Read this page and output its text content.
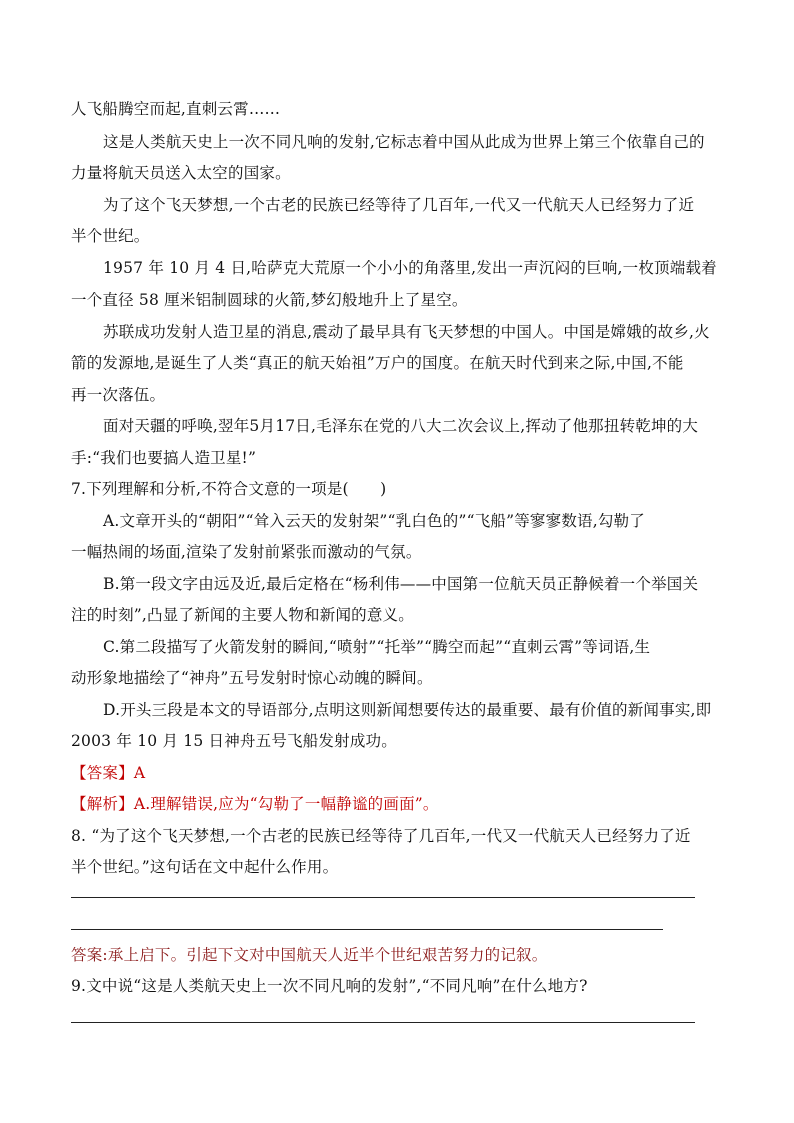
人飞船腾空而起,直刺云霄……
这是人类航天史上一次不同凡响的发射,它标志着中国从此成为世界上第三个依靠自己的
力量将航天员送入太空的国家。
为了这个飞天梦想,一个古老的民族已经等待了几百年,一代又一代航天人已经努力了近
半个世纪。
1957 年 10 月 4 日,哈萨克大荒原一个小小的角落里,发出一声沉闷的巨响,一枚顶端载着
一个直径 58 厘米铝制圆球的火箭,梦幻般地升上了星空。
苏联成功发射人造卫星的消息,震动了最早具有飞天梦想的中国人。中国是嫦娥的故乡,火
箭的发源地,是诞生了人类“真正的航天始祖”万户的国度。在航天时代到来之际,中国,不能
再一次落伍。
面对天疆的呼唤,翌年5月17日,毛泽东在党的八大二次会议上,挥动了他那扭转乾坤的大
手:“我们也要搞人造卫星!”
7.下列理解和分析,不符合文意的一项是(　　)
A.文章开头的“朝阳”“耸入云天的发射架”“乳白色的”“飞船”等寥寥数语,勾勒了
一幅热闹的场面,渲染了发射前紧张而激动的气氛。
B.第一段文字由远及近,最后定格在“杨利伟——中国第一位航天员正静候着一个举国关
注的时刻”,凸显了新闻的主要人物和新闻的意义。
C.第二段描写了火箭发射的瞬间,“喷射”“托举”“腾空而起”“直刺云霄”等词语,生
动形象地描绘了“神舟”五号发射时惊心动魄的瞬间。
D.开头三段是本文的导语部分,点明这则新闻想要传达的最重要、最有价值的新闻事实,即
2003 年 10 月 15 日神舟五号飞船发射成功。
【答案】A
【解析】A.理解错误,应为“勾勒了一幅静谧的画面”。
8. “为了这个飞天梦想,一个古老的民族已经等待了几百年,一代又一代航天人已经努力了近
半个世纪。”这句话在文中起什么作用。
答案:承上启下。引起下文对中国航天人近半个世纪艰苦努力的记叙。
9.文中说“这是人类航天史上一次不同凡响的发射”,“不同凡响”在什么地方?
